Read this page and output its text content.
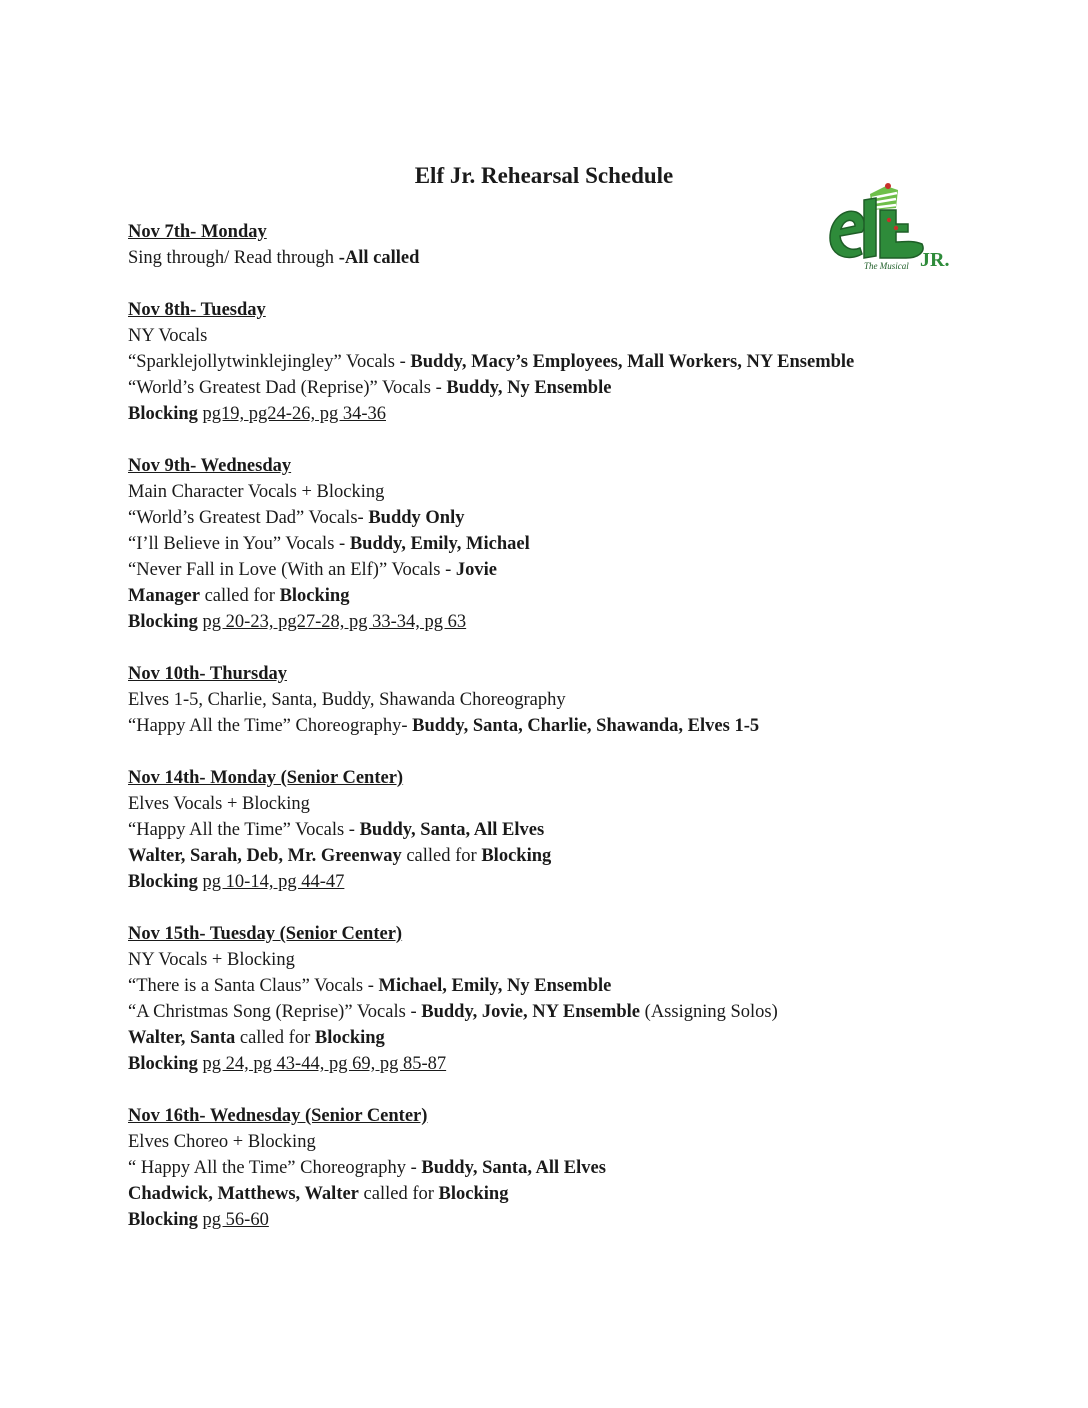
Elf Jr. Rehearsal Schedule
JR.
The Musical
Nov 7th- Monday
Sing through/ Read through -All called
Nov 8th- Tuesday
NY Vocals
“Sparklejollytwinklejingley” Vocals - Buddy, Macy’s Employees, Mall Workers, NY Ensemble
“World’s Greatest Dad (Reprise)” Vocals - Buddy, Ny Ensemble
Blocking pg19, pg24-26, pg 34-36
Nov 9th- Wednesday
Main Character Vocals + Blocking
“World’s Greatest Dad” Vocals- Buddy Only
“I’ll Believe in You” Vocals - Buddy, Emily, Michael
“Never Fall in Love (With an Elf)” Vocals - Jovie
Manager called for Blocking
Blocking pg 20-23, pg27-28, pg 33-34, pg 63
Nov 10th- Thursday
Elves 1-5, Charlie, Santa, Buddy, Shawanda Choreography
“Happy All the Time” Choreography- Buddy, Santa, Charlie, Shawanda, Elves 1-5
Nov 14th- Monday (Senior Center)
Elves Vocals + Blocking
“Happy All the Time” Vocals - Buddy, Santa, All Elves
Walter, Sarah, Deb, Mr. Greenway called for Blocking
Blocking pg 10-14, pg 44-47
Nov 15th- Tuesday (Senior Center)
NY Vocals + Blocking
“There is a Santa Claus” Vocals - Michael, Emily, Ny Ensemble
“A Christmas Song (Reprise)” Vocals - Buddy, Jovie, NY Ensemble (Assigning Solos)
Walter, Santa called for Blocking
Blocking pg 24, pg 43-44, pg 69, pg 85-87
Nov 16th- Wednesday (Senior Center)
Elves Choreo + Blocking
“ Happy All the Time” Choreography - Buddy, Santa, All Elves
Chadwick, Matthews, Walter called for Blocking
Blocking pg 56-60
